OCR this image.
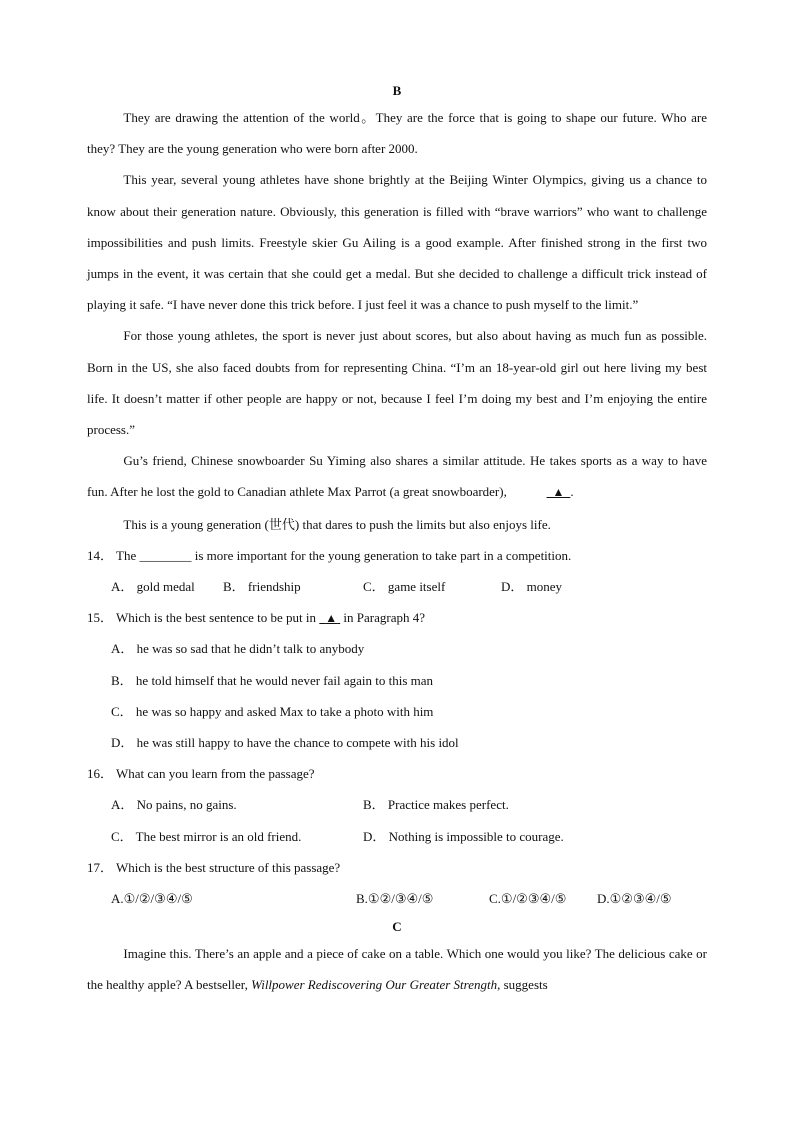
B

They are drawing the attention of the world。They are the force that is going to shape our future. Who are they? They are the young generation who were born after 2000.

This year, several young athletes have shone brightly at the Beijing Winter Olympics, giving us a chance to know about their generation nature. Obviously, this generation is filled with “brave warriors” who want to challenge impossibilities and push limits. Freestyle skier Gu Ailing is a good example. After finished strong in the first two jumps in the event, it was certain that she could get a medal. But she decided to challenge a difficult trick instead of playing it safe. “I have never done this trick before. I just feel it was a chance to push myself to the limit.”

For those young athletes, the sport is never just about scores, but also about having as much fun as possible. Born in the US, she also faced doubts from for representing China. “I’m an 18-year-old girl out here living my best life. It doesn’t matter if other people are happy or not, because I feel I’m doing my best and I’m enjoying the entire process.”

Gu’s friend, Chinese snowboarder Su Yiming also shares a similar attitude. He takes sports as a way to have fun. After he lost the gold to Canadian athlete Max Parrot (a great snowboarder),	▲ .

This is a young generation (世代) that dares to push the limits but also enjoys life.

14． The ________ is more important for the young generation to take part in a competition.

A． gold medal B． friendship	C． game itself	D． money

15． Which is the best sentence to be put in   ▲  in Paragraph 4?

A． he was so sad that he didn’t talk to anybody

B． he told himself that he would never fail again to this man

C． he was so happy and asked Max to take a photo with him

D． he was still happy to have the chance to compete with his idol

16． What can you learn from the passage?

A． No pains, no gains.	B． Practice makes perfect.
C． The best mirror is an old friend.	D． Nothing is impossible to courage.

17． Which is the best structure of this passage?

A.①/②/③④/⑤	B.①②/③④/⑤	C.①/②③④/⑤ D.①②③④/⑤

C

Imagine this. There’s an apple and a piece of cake on a table. Which one would you like? The delicious cake or the healthy apple? A bestseller, Willpower Rediscovering Our Greater Strength, suggests
